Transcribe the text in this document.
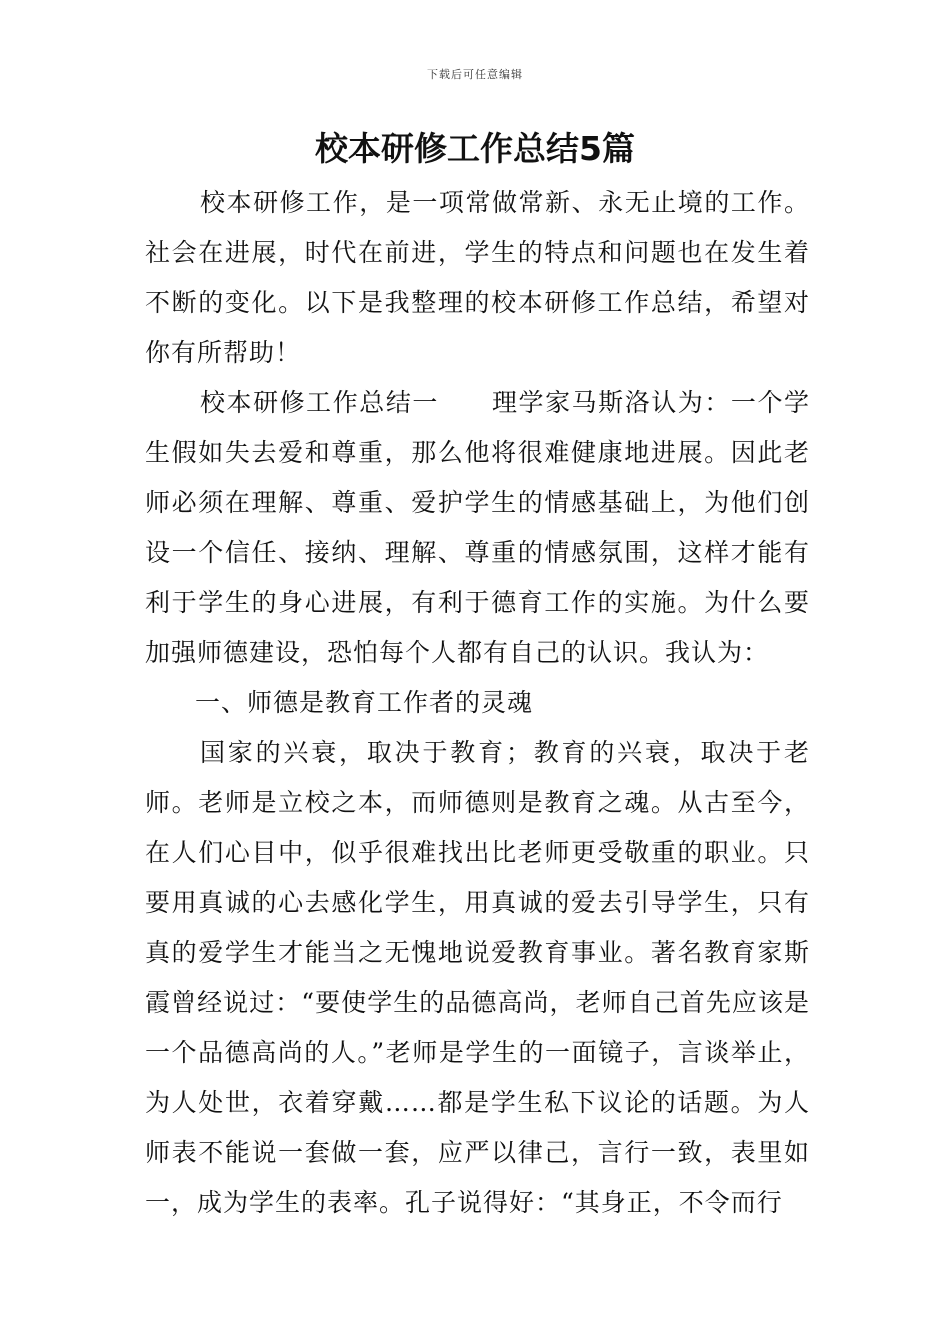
下载后可任意编辑
校本研修工作总结5篇

校本研修工作，是一项常做常新、永无止境的工作。社会在进展，时代在前进，学生的特点和问题也在发生着不断的变化。以下是我整理的校本研修工作总结，希望对你有所帮助！

校本研修工作总结一　　理学家马斯洛认为：一个学生假如失去爱和尊重，那么他将很难健康地进展。因此老师必须在理解、尊重、爱护学生的情感基础上，为他们创设一个信任、接纳、理解、尊重的情感氛围，这样才能有利于学生的身心进展，有利于德育工作的实施。为什么要加强师德建设，恐怕每个人都有自己的认识。我认为：

一、师德是教育工作者的灵魂

国家的兴衰，取决于教育；教育的兴衰，取决于老师。老师是立校之本，而师德则是教育之魂。从古至今，在人们心目中，似乎很难找出比老师更受敬重的职业。只要用真诚的心去感化学生，用真诚的爱去引导学生，只有真的爱学生才能当之无愧地说爱教育事业。著名教育家斯霞曾经说过：“要使学生的品德高尚，老师自己首先应该是一个品德高尚的人。”老师是学生的一面镜子，言谈举止，为人处世，衣着穿戴……都是学生私下议论的话题。为人师表不能说一套做一套，应严以律己，言行一致，表里如一，成为学生的表率。孔子说得好：“其身正，不令而行
